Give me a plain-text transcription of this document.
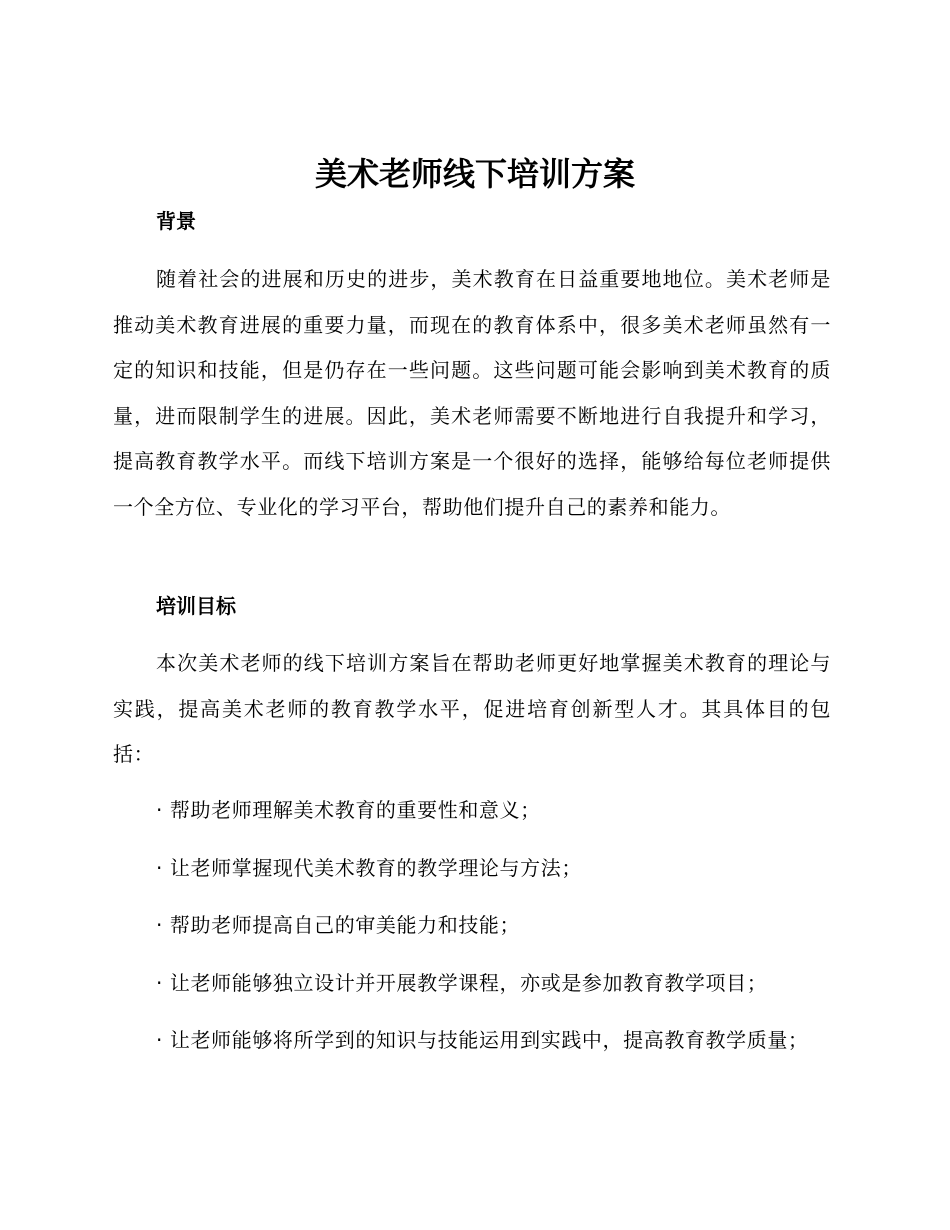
美术老师线下培训方案
背景

随着社会的进展和历史的进步，美术教育在日益重要地地位。美术老师是推动美术教育进展的重要力量，而现在的教育体系中，很多美术老师虽然有一定的知识和技能，但是仍存在一些问题。这些问题可能会影响到美术教育的质量，进而限制学生的进展。因此，美术老师需要不断地进行自我提升和学习，提高教育教学水平。而线下培训方案是一个很好的选择，能够给每位老师提供一个全方位、专业化的学习平台，帮助他们提升自己的素养和能力。

培训目标

本次美术老师的线下培训方案旨在帮助老师更好地掌握美术教育的理论与实践，提高美术老师的教育教学水平，促进培育创新型人才。其具体目的包括：

· 帮助老师理解美术教育的重要性和意义；

· 让老师掌握现代美术教育的教学理论与方法；

· 帮助老师提高自己的审美能力和技能；

· 让老师能够独立设计并开展教学课程，亦或是参加教育教学项目；

· 让老师能够将所学到的知识与技能运用到实践中，提高教育教学质量；
